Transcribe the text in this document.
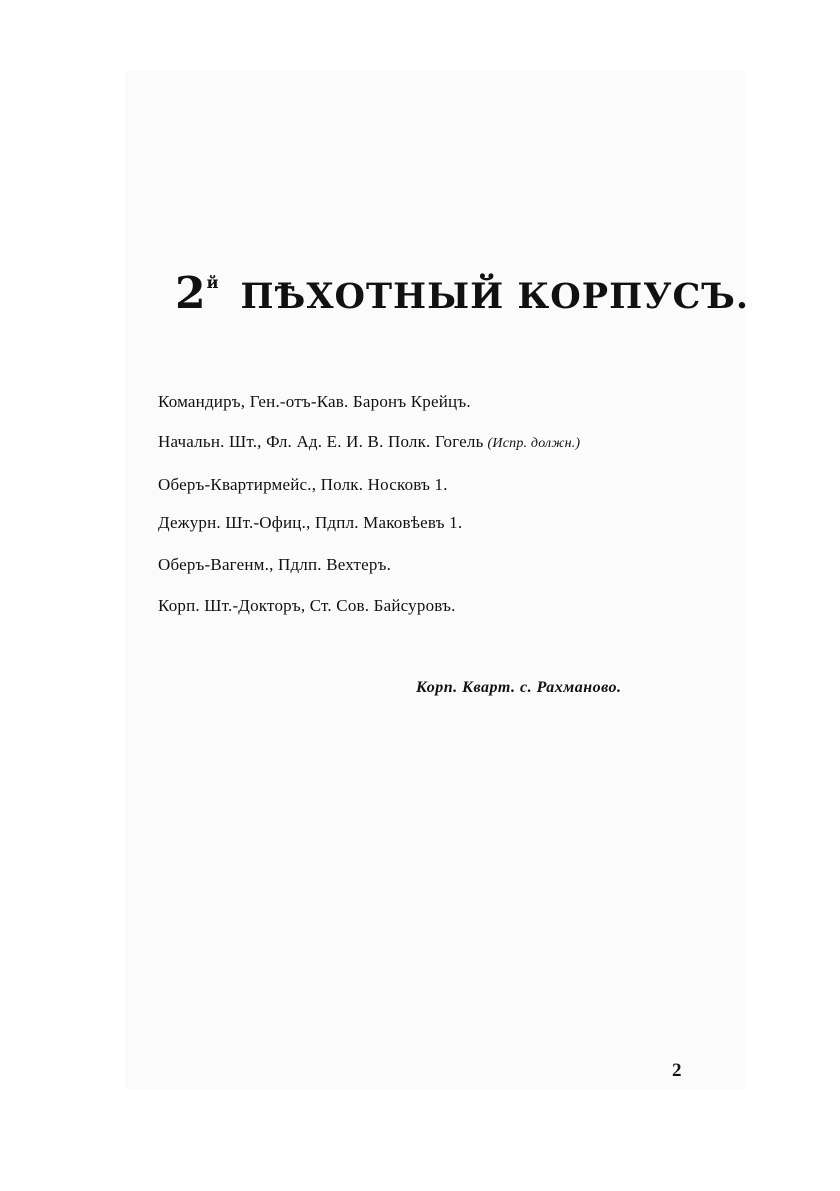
2й ПѢХОТНЫЙ КОРПУСЪ.
Командиръ, Ген.-отъ-Кав. Баронъ Крейцъ.
Начальн. Шт., Фл. Ад. Е. И. В. Полк. Гогель (Испр. должн.)
Оберъ-Квартирмейс., Полк. Носковъ 1.
Дежурн. Шт.-Офиц., Пдпл. Маковѣевъ 1.
Оберъ-Вагенм., Пдлп. Вехтеръ.
Корп. Шт.-Докторъ, Ст. Сов. Байсуровъ.
Корп. Кварт. с. Рахманово.
2
